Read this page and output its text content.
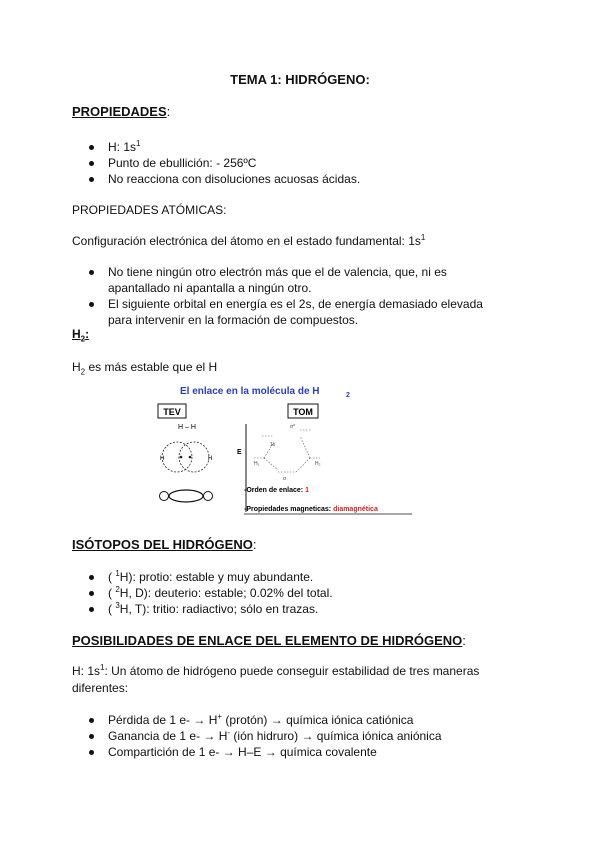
TEMA 1: HIDRÓGENO:
PROPIEDADES:
H: $1s^1$
Punto de ebullición: - 256ºC
No reacciona con disoluciones acuosas ácidas.
PROPIEDADES ATÓMICAS:
Configuración electrónica del átomo en el estado fundamental: $1s^1$
No tiene ningún otro electrón más que el de valencia, que, ni es apantallado ni apantalla a ningún otro.
El siguiente orbital en energía es el 2s, de energía demasiado elevada para intervenir en la formación de compuestos.
$H_2$:
$H_2$ es más estable que el H
El enlace en la molécula de H	2
TEV	TOM
H – H
H	H
E
1s
σ*
H₁	H₂
σ
-Orden de enlace: 1
-Propiedades magneticas: diamagnética
ISÓTOPOS DEL HIDRÓGENO:
( $^1$H): protio: estable y muy abundante.
( $^2$H, D): deuterio: estable; 0.02% del total.
( $^3$H, T): tritio: radiactivo; sólo en trazas.
POSIBILIDADES DE ENLACE DEL ELEMENTO DE HIDRÓGENO:
H: $1s^1$: Un átomo de hidrógeno puede conseguir estabilidad de tres maneras diferentes:
Pérdida de 1 e- → H+ (protón) → química iónica catiónica
Ganancia de 1 e- → H- (ión hidruro) → química iónica aniónica
Compartición de 1 e- → H–E → química covalente
